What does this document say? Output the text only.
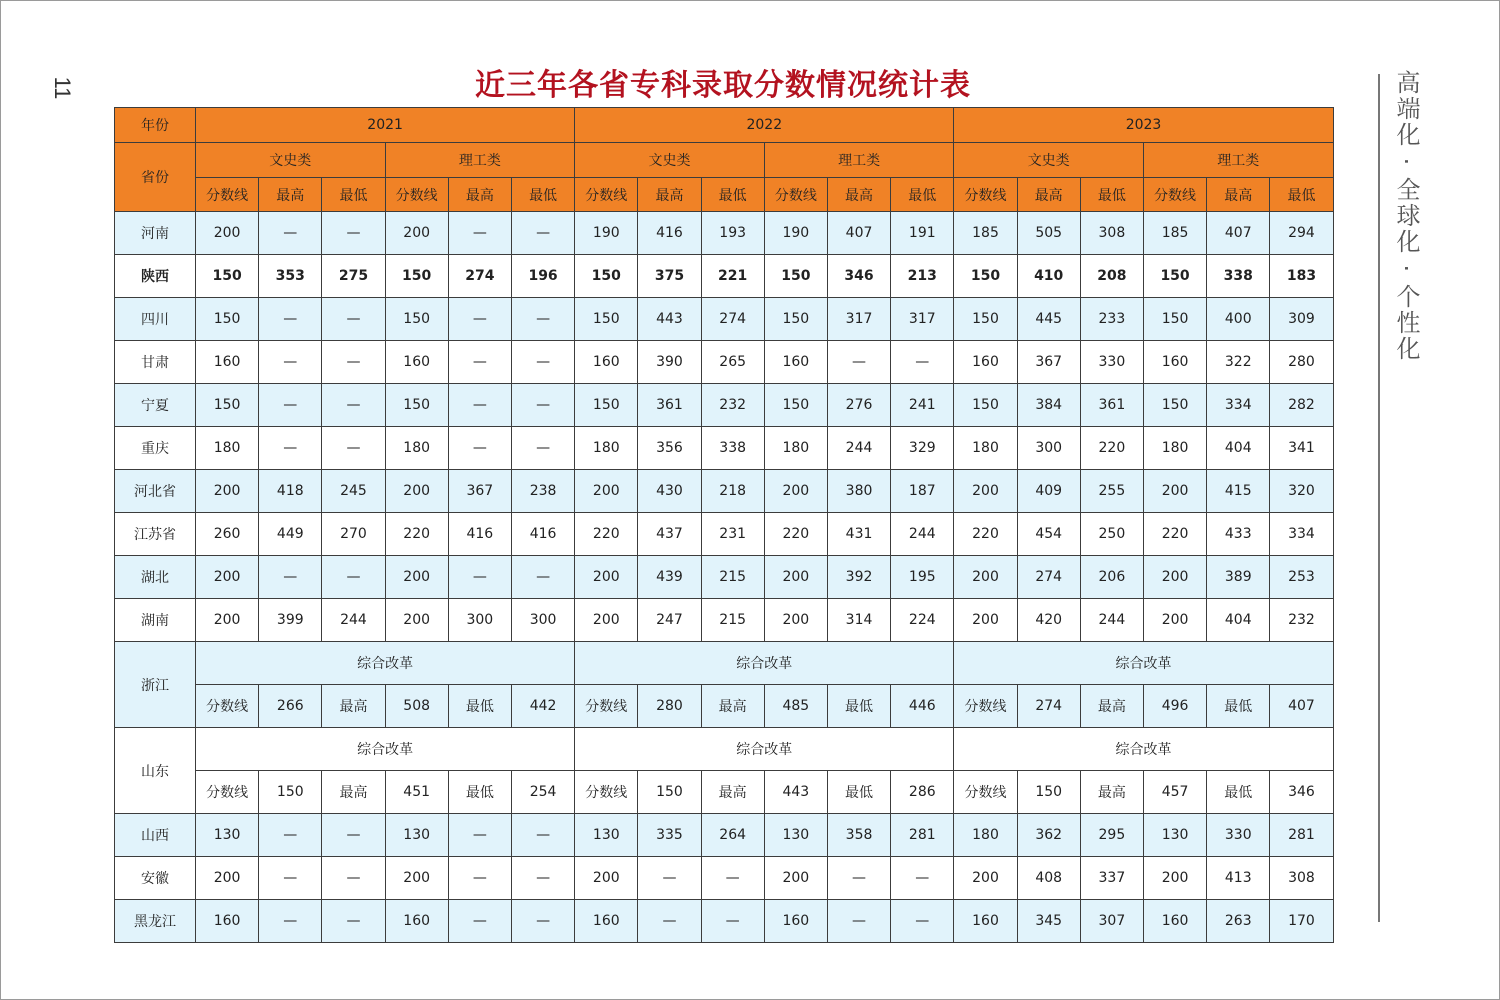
11	近三年各省专科录取分数情况统计表	高端化 · 全球化 · 个性化
年份	2021						2022						2023					
省份	文史类			理工类			文史类			理工类			文史类			理工类		
	分数线	最高	最低	分数线	最高	最低	分数线	最高	最低	分数线	最高	最低	分数线	最高	最低	分数线	最高	最低
河南	200	—	—	200	—	—	190	416	193	190	407	191	185	505	308	185	407	294
陕西	150	353	275	150	274	196	150	375	221	150	346	213	150	410	208	150	338	183
四川	150	—	—	150	—	—	150	443	274	150	317	317	150	445	233	150	400	309
甘肃	160	—	—	160	—	—	160	390	265	160	—	—	160	367	330	160	322	280
宁夏	150	—	—	150	—	—	150	361	232	150	276	241	150	384	361	150	334	282
重庆	180	—	—	180	—	—	180	356	338	180	244	329	180	300	220	180	404	341
河北省	200	418	245	200	367	238	200	430	218	200	380	187	200	409	255	200	415	320
江苏省	260	449	270	220	416	416	220	437	231	220	431	244	220	454	250	220	433	334
湖北	200	—	—	200	—	—	200	439	215	200	392	195	200	274	206	200	389	253
湖南	200	399	244	200	300	300	200	247	215	200	314	224	200	420	244	200	404	232
浙江	综合改革						综合改革						综合改革					
	分数线	266	最高	508	最低	442	分数线	280	最高	485	最低	446	分数线	274	最高	496	最低	407
山东	综合改革						综合改革						综合改革					
	分数线	150	最高	451	最低	254	分数线	150	最高	443	最低	286	分数线	150	最高	457	最低	346
山西	130	—	—	130	—	—	130	335	264	130	358	281	180	362	295	130	330	281
安徽	200	—	—	200	—	—	200	—	—	200	—	—	200	408	337	200	413	308
黑龙江	160	—	—	160	—	—	160	—	—	160	—	—	160	345	307	160	263	170
